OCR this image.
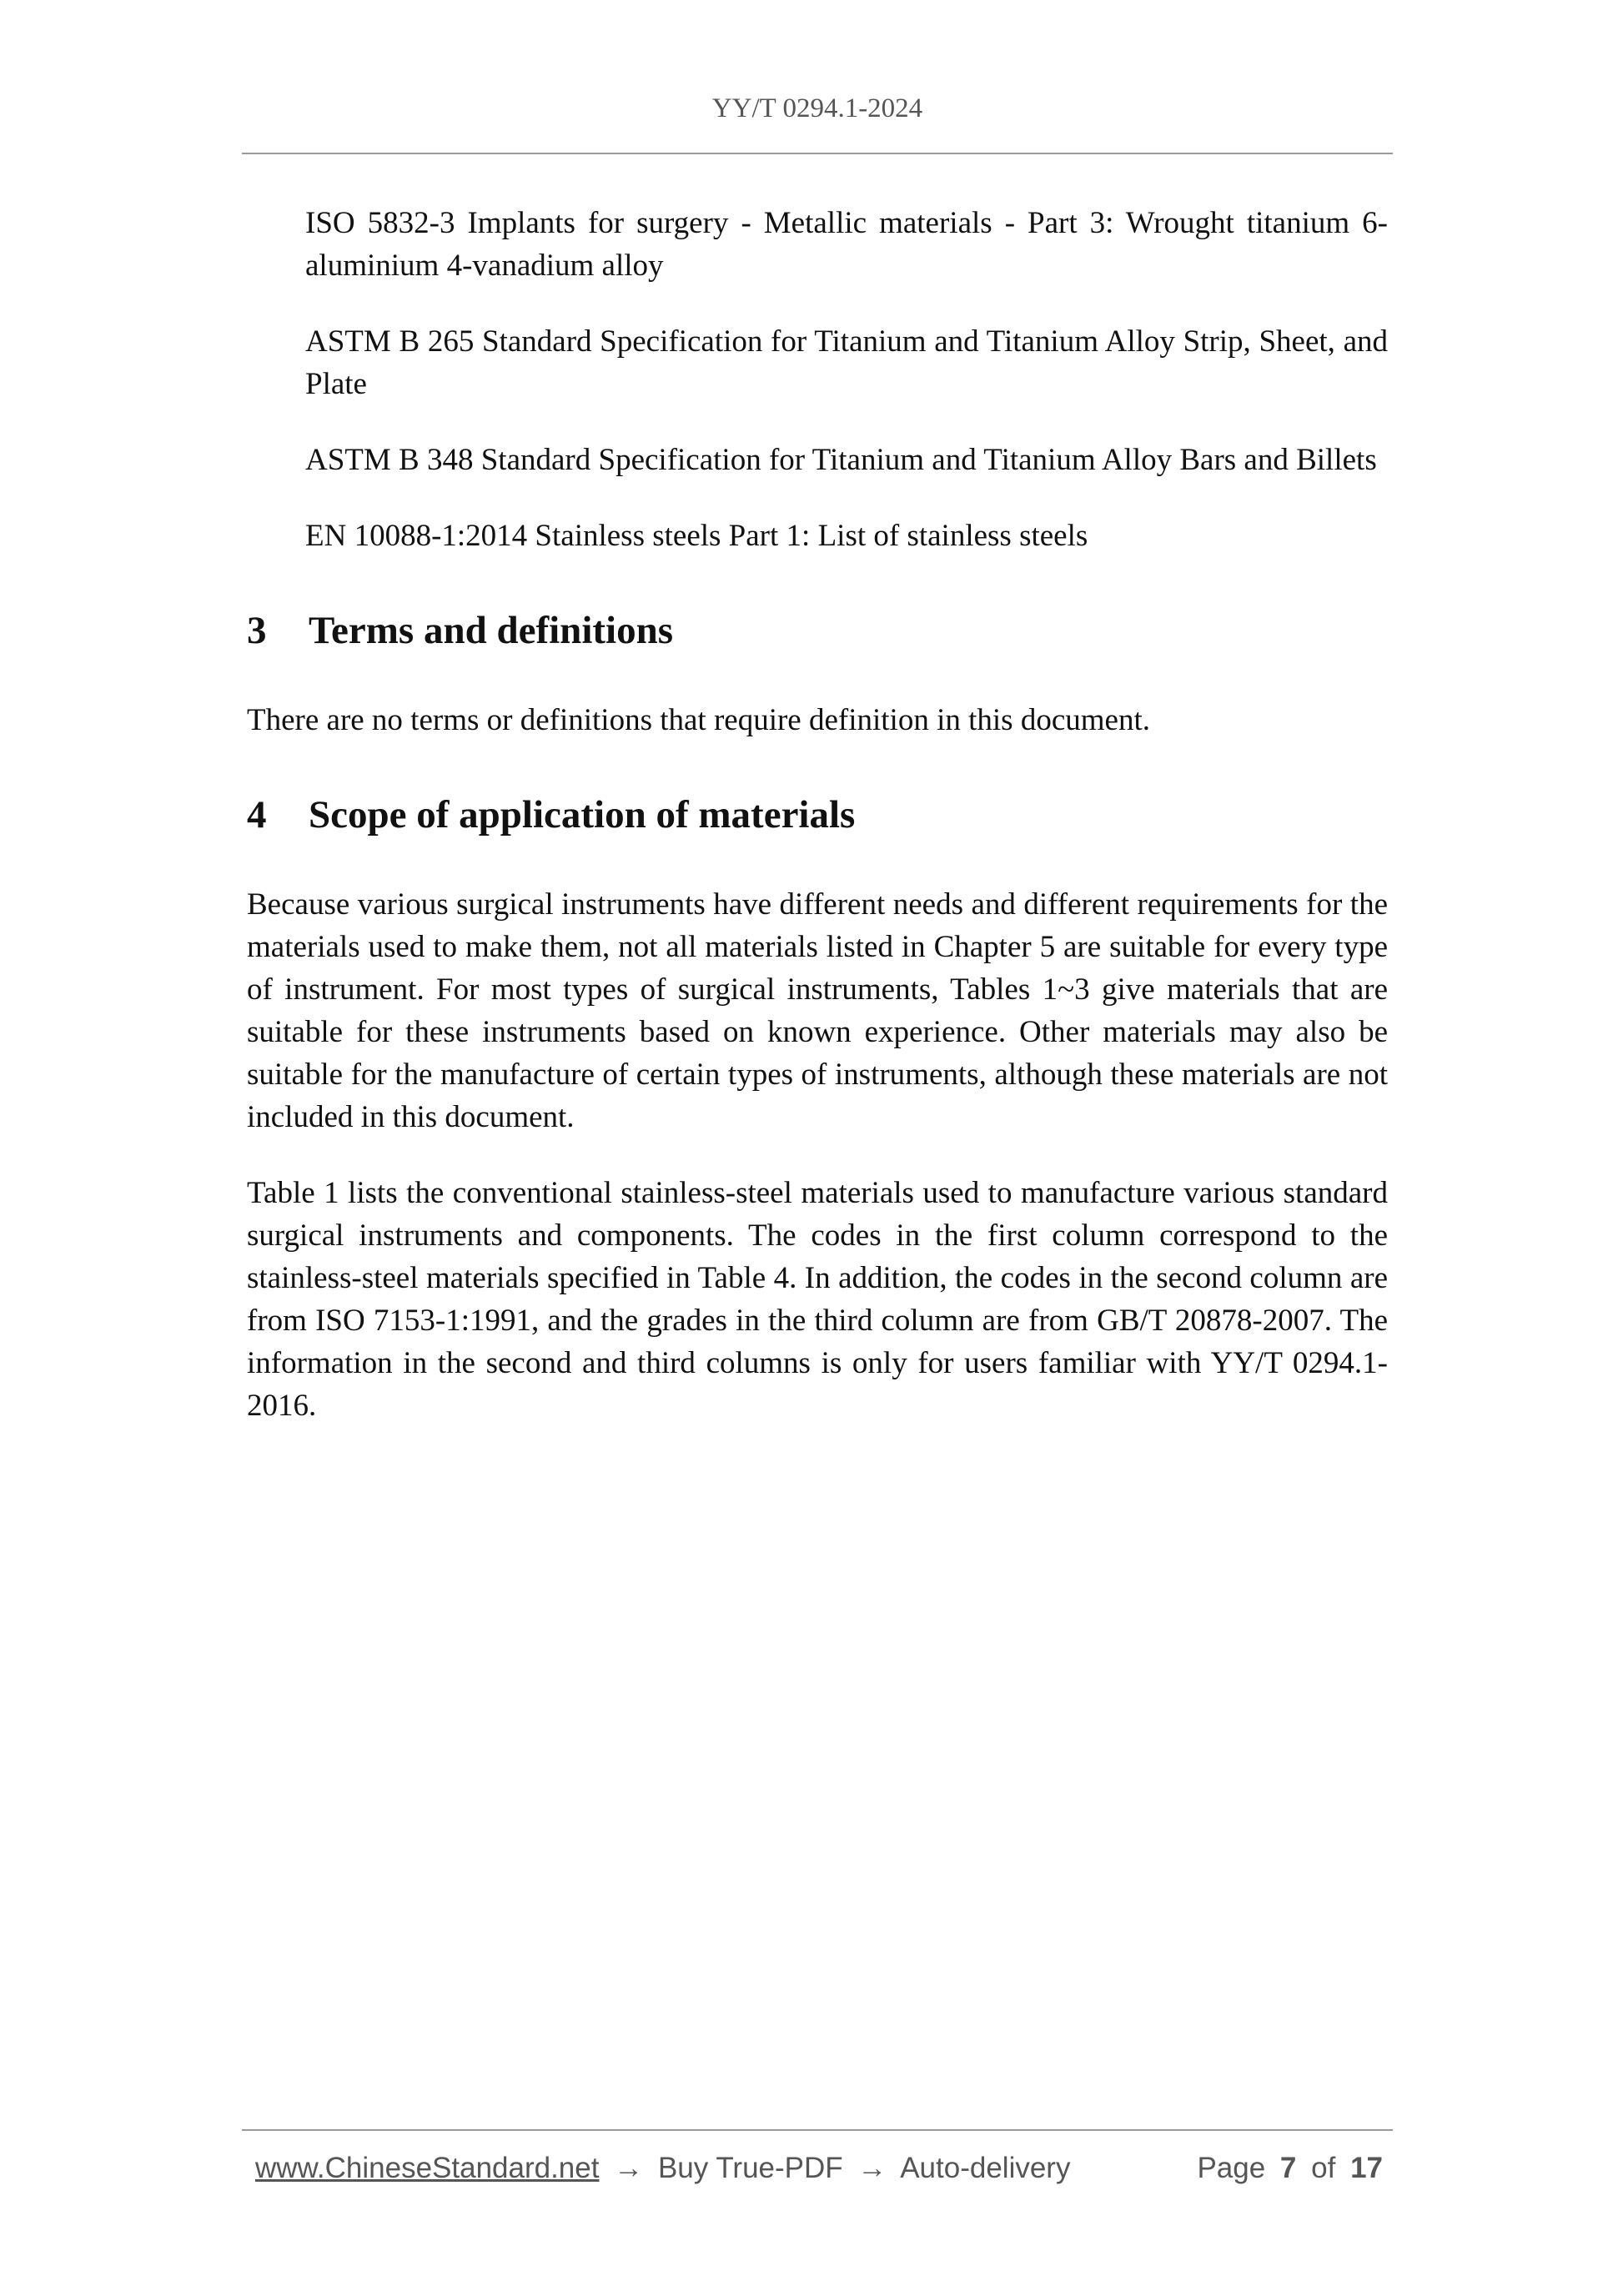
YY/T 0294.1-2024

ISO 5832-3 Implants for surgery - Metallic materials - Part 3: Wrought titanium 6-aluminium 4-vanadium alloy

ASTM B 265 Standard Specification for Titanium and Titanium Alloy Strip, Sheet, and Plate

ASTM B 348 Standard Specification for Titanium and Titanium Alloy Bars and Billets

EN 10088-1:2014 Stainless steels Part 1: List of stainless steels

3	Terms and definitions

There are no terms or definitions that require definition in this document.

4	Scope of application of materials

Because various surgical instruments have different needs and different requirements for the materials used to make them, not all materials listed in Chapter 5 are suitable for every type of instrument. For most types of surgical instruments, Tables 1~3 give materials that are suitable for these instruments based on known experience. Other materials may also be suitable for the manufacture of certain types of instruments, although these materials are not included in this document.

Table 1 lists the conventional stainless-steel materials used to manufacture various standard surgical instruments and components. The codes in the first column correspond to the stainless-steel materials specified in Table 4. In addition, the codes in the second column are from ISO 7153-1:1991, and the grades in the third column are from GB/T 20878-2007. The information in the second and third columns is only for users familiar with YY/T 0294.1-2016.

www.ChineseStandard.net → Buy True-PDF → Auto-delivery	Page 7 of 17
